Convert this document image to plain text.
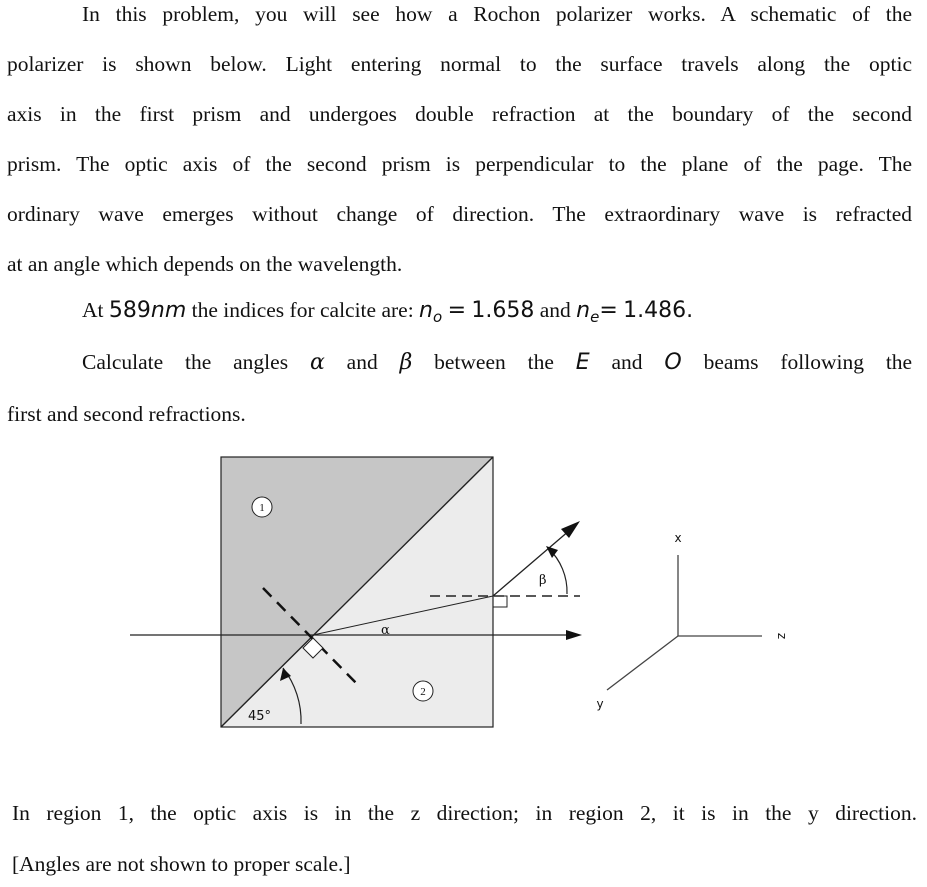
In this problem, you will see how a Rochon polarizer works. A schematic of the
polarizer is shown below. Light entering normal to the surface travels along the optic
axis in the first prism and undergoes double refraction at the boundary of the second
prism. The optic axis of the second prism is perpendicular to the plane of the page. The
ordinary wave emerges without change of direction. The extraordinary wave is refracted
at an angle which depends on the wavelength.
At 589nm the indices for calcite are: $n_o = 1.658$ and $n_e= 1.486$.
Calculate the angles α and β between the E and O beams following the
first and second refractions.
45°
β
α
1
2
x
z
y
In region 1, the optic axis is in the z direction; in region 2, it is in the y direction.
[Angles are not shown to proper scale.]
